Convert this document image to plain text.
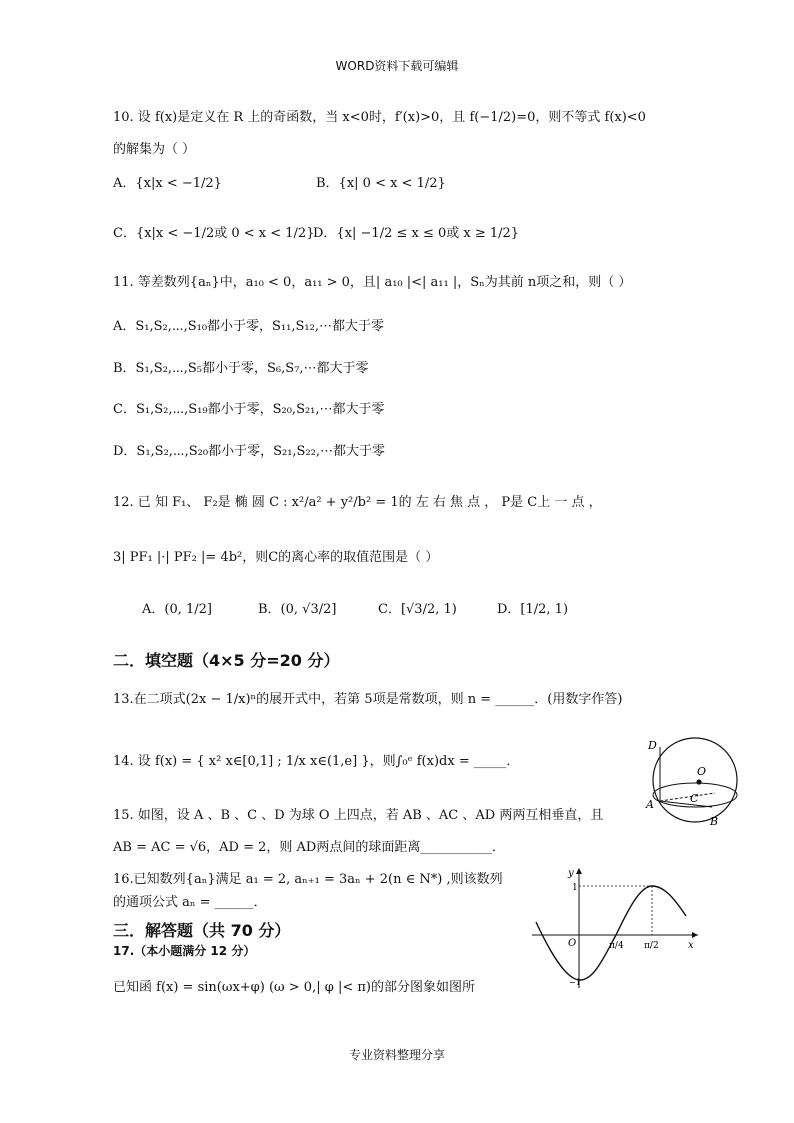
WORD资料下载可编辑
10. 设 f(x)是定义在 R 上的奇函数，当 x<0时，f′(x)>0，且 f(−1/2)=0，则不等式 f(x)<0
的解集为（ ）
A．{x|x < −1/2}	B．{x| 0 < x < 1/2}
C．{x|x < −1/2或 0 < x < 1/2}
D．{x| −1/2 ≤ x ≤ 0或 x ≥ 1/2}
11. 等差数列{aₙ}中，a₁₀ < 0，a₁₁ > 0，且| a₁₀ |<| a₁₁ |，Sₙ为其前 n项之和，则（ ）
A．S₁,S₂,⋯,S₁₀都小于零，S₁₁,S₁₂,⋯都大于零
B．S₁,S₂,⋯,S₅都小于零，S₆,S₇,⋯都大于零
C．S₁,S₂,⋯,S₁₉都小于零，S₂₀,S₂₁,⋯都大于零
D．S₁,S₂,⋯,S₂₀都小于零，S₂₁,S₂₂,⋯都大于零
12. 已 知 F₁、 F₂是 椭 圆 C : x²/a² + y²/b² = 1的 左 右 焦 点 ， P是 C上 一 点 ，
3| PF₁ |·| PF₂ |= 4b²，则C的离心率的取值范围是（ ）
A．(0, 1/2]	B．(0, √3/2]	C．[√3/2, 1)	D．[1/2, 1)
二．填空题（4×5 分=20 分）
13.在二项式(2x − 1/x)ⁿ的展开式中，若第 5项是常数项，则 n = ______．(用数字作答)
14. 设 f(x) = { x² x∈[0,1] ; 1/x x∈(1,e] }，则∫₀ᵉ f(x)dx = _____．
D
O
C
A
B
15. 如图，设 A 、B 、C 、D 为球 O 上四点，若 AB 、AC 、AD 两两互相垂直，且
AB = AC = √6，AD = 2，则 AD两点间的球面距离___________．
16.已知数列{aₙ}满足 a₁ = 2, aₙ₊₁ = 3aₙ + 2(n ∈ N*) ,则该数列
的通项公式 aₙ = ______．
三．解答题（共 70 分）
17.（本小题满分 12 分）
已知函 f(x) = sin(ωx+φ) (ω > 0,| φ |< π)的部分图象如图所
y
x
O
1
−1
π/4 π/2
专业资料整理分享
